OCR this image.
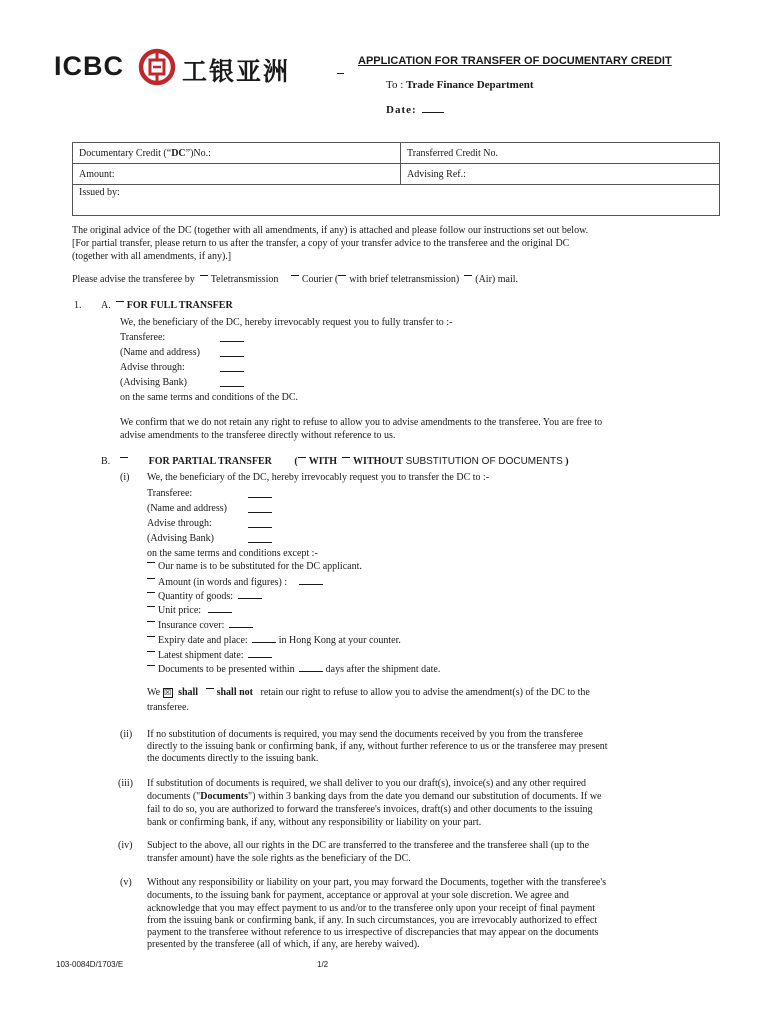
ICBC 工银亚洲	APPLICATION FOR TRANSFER OF DOCUMENTARY CREDIT
To : Trade Finance Department
Date:
Documentary Credit (“DC”)No.:	Transferred Credit No.
Amount:	Advising Ref.:
Issued by:	
The original advice of the DC (together with all amendments, if any) is attached and please follow our instructions set out below.
[For partial transfer, please return to us after the transfer, a copy of your transfer advice to the transferee and the original DC
(together with all amendments, if any).]
Please advise the transferee by Teletransmission Courier ( with brief teletransmission) (Air) mail.
1. A. FOR FULL TRANSFER
We, the beneficiary of the DC, hereby irrevocably request you to fully transfer to :-
Transferee:
(Name and address)
Advise through:
(Advising Bank)
on the same terms and conditions of the DC.
We confirm that we do not retain any right to refuse to allow you to advise amendments to the transferee. You are free to
advise amendments to the transferee directly without reference to us.
B.	FOR PARTIAL TRANSFER ( WITH WITHOUT SUBSTITUTION OF DOCUMENTS )
(i) We, the beneficiary of the DC, hereby irrevocably request you to transfer the DC to :-
Transferee:
(Name and address)
Advise through:
(Advising Bank)
on the same terms and conditions except :-
Our name is to be substituted for the DC applicant.
Amount (in words and figures) :
Quantity of goods:
Unit price:
Insurance cover:
Expiry date and place:	in Hong Kong at your counter.
Latest shipment date:
Documents to be presented within	days after the shipment date.
We ☒ shall shall not retain our right to refuse to allow you to advise the amendment(s) of the DC to the
transferee.
(ii) If no substitution of documents is required, you may send the documents received by you from the transferee
directly to the issuing bank or confirming bank, if any, without further reference to us or the transferee may present
the documents directly to the issuing bank.
(iii) If substitution of documents is required, we shall deliver to you our draft(s), invoice(s) and any other required
documents ("Documents") within 3 banking days from the date you demand our substitution of documents. If we
fail to do so, you are authorized to forward the transferee's invoices, draft(s) and other documents to the issuing
bank or confirming bank, if any, without any responsibility or liability on your part.
(iv) Subject to the above, all our rights in the DC are transferred to the transferee and the transferee shall (up to the
transfer amount) have the sole rights as the beneficiary of the DC.
(v) Without any responsibility or liability on your part, you may forward the Documents, together with the transferee's
documents, to the issuing bank for payment, acceptance or approval at your sole discretion. We agree and
acknowledge that you may effect payment to us and/or to the transferee only upon your receipt of final payment
from the issuing bank or confirming bank, if any. In such circumstances, you are irrevocably authorized to effect
payment to the transferee without reference to us irrespective of discrepancies that may appear on the documents
presented by the transferee (all of which, if any, are hereby waived).
103-0084D/1703/E	1/2
